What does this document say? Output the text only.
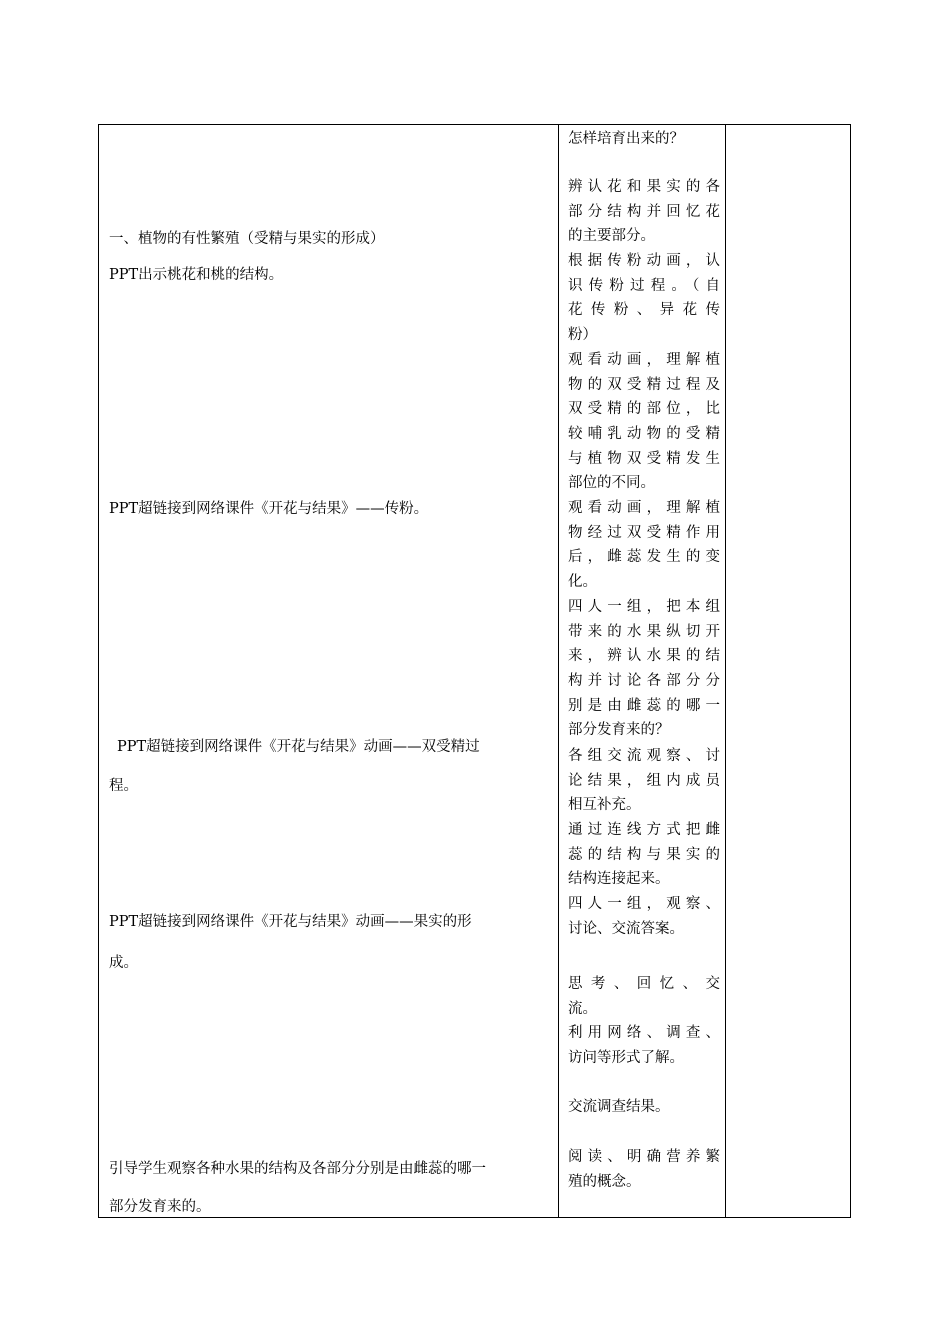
一、植物的有性繁殖（受精与果实的形成）

PPT出示桃花和桃的结构。

PPT超链接到网络课件《开花与结果》——传粉。

PPT超链接到网络课件《开花与结果》动画——双受精过

程。

PPT超链接到网络课件《开花与结果》动画——果实的形

成。

引导学生观察各种水果的结构及各部分分别是由雌蕊的哪一

部分发育来的。

怎样培育出来的？
辨认花和果实的各
部分结构并回忆花
的主要部分。
根据传粉动画，认
识传粉过程。（自
花传粉、异花传
粉）
观看动画，理解植
物的双受精过程及
双受精的部位，比
较哺乳动物的受精
与植物双受精发生
部位的不同。
观看动画，理解植
物经过双受精作用
后，雌蕊发生的变
化。
四人一组，把本组
带来的水果纵切开
来，辨认水果的结
构并讨论各部分分
别是由雌蕊的哪一
部分发育来的？
各组交流观察、讨
论结果，组内成员
相互补充。
通过连线方式把雌
蕊的结构与果实的
结构连接起来。
四人一组，观察、
讨论、交流答案。
思考、回忆、交
流。
利用网络、调查、
访问等形式了解。
交流调查结果。
阅读、明确营养繁
殖的概念。
